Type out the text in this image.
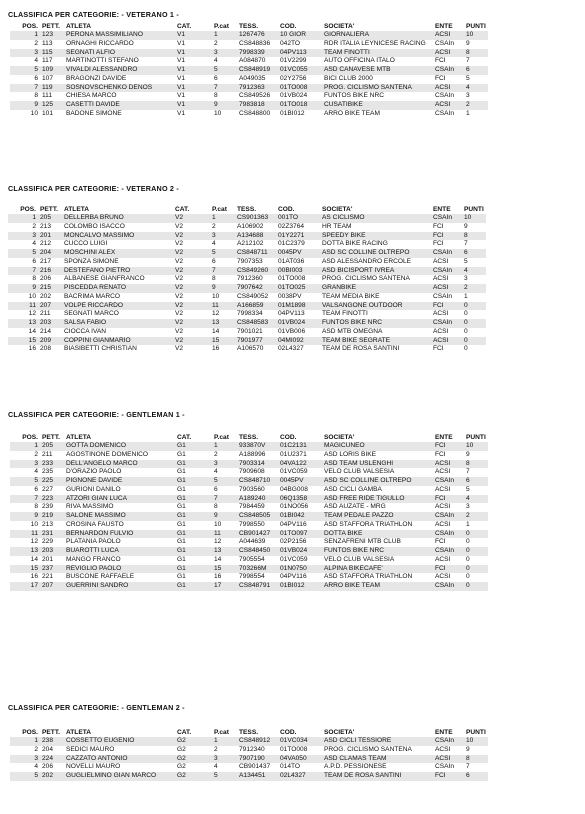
CLASSIFICA PER CATEGORIE: - VETERANO 1 -
POS.	PETT.	ATLETA	CAT.	P.cat	TESS.	COD.	SOCIETA'	ENTE	PUNTI
1	123	PERONA MASSIMILIANO	V1	1	1267476	10 GIOR	GIORNALIERA	ACSI	10
2	113	ORNAGHI RICCARDO	V1	2	CS848836	042TO	RDR ITALIA LEYNICESE RACING	CSAIn	9
3	115	SEGNATI ALFIO	V1	3	7998339	04PV113	TEAM FINOTTI	ACSI	8
4	117	MARTINOTTI STEFANO	V1	4	A084870	01V2299	AUTO OFFICINA ITALO	FCI	7
5	109	VIVALDI ALESSANDRO	V1	5	CS848919	01VC055	ASD CANAVESE MTB	CSAIn	6
6	107	BRAGONZI DAVIDE	V1	6	A049035	02Y2756	BICI CLUB 2000	FCI	5
7	119	SOSNOVSCHENKO DENOS	V1	7	7912363	01TO008	PROG. CICLISMO SANTENA	ACSI	4
8	111	CHIESA MARCO	V1	8	CS849526	01VB024	FUNTOS BIKE NRC	CSAIn	3
9	125	CASETTI DAVIDE	V1	9	7983818	01TO018	CUSATIBIKE	ACSI	2
10	101	BADONE SIMONE	V1	10	CS848800	01BI012	ARRO BIKE TEAM	CSAIn	1
CLASSIFICA PER CATEGORIE: - VETERANO 2 -
POS.	PETT.	ATLETA	CAT.	P.cat	TESS.	COD.	SOCIETA'	ENTE	PUNTI
1	205	DELLERBA BRUNO	V2	1	CS901363	001TO	AS CICLISMO	CSAIn	10
2	213	COLOMBO ISACCO	V2	2	A106902	02Z3764	HR TEAM	FCI	9
3	201	MONCALVO MASSIMO	V2	3	A134688	01Y2271	SPEEDY BIKE	FCI	8
4	212	CUCCO LUIGI	V2	4	A212102	01C2379	DOTTA BIKE RACING	FCI	7
5	204	MOSCHINI ALEX	V2	5	CS848711	0045PV	ASD SC COLLINE OLTREPO	CSAIn	6
6	217	SPONZA SIMONE	V2	6	7907353	01AT036	ASD ALESSANDRO ERCOLE	ACSI	5
7	216	DESTEFANO PIETRO	V2	7	CS849260	00BI003	ASD BICISPORT IVREA	CSAIn	4
8	206	ALBANESE GIANFRANCO	V2	8	7912360	01TO008	PROG. CICLISMO SANTENA	ACSI	3
9	215	PISCEDDA RENATO	V2	9	7907642	01TO025	GRANBIKE	ACSI	2
10	202	BACRIMA MARCO	V2	10	CS849052	0038PV	TEAM MEDIA BIKE	CSAIn	1
11	207	VOLPE RICCARDO	V2	11	A166859	01M1898	VALSANGONE OUTDOOR	FCI	0
12	211	SEGNATI MARCO	V2	12	7998334	04PV113	TEAM FINOTTI	ACSI	0
13	203	SALSA FABIO	V2	13	CS848583	01VB024	FUNTOS BIKE NRC	CSAIn	0
14	214	CIOCCA IVAN	V2	14	7901021	01VB006	ASD MTB OMEGNA	ACSI	0
15	209	COPPINI GIANMARIO	V2	15	7901977	04MI092	TEAM BIKE SEGRATE	ACSI	0
16	208	BIASIBETTI CHRISTIAN	V2	16	A106570	02L4327	TEAM DE ROSA SANTINI	FCI	0
CLASSIFICA PER CATEGORIE: - GENTLEMAN 1 -
POS.	PETT.	ATLETA	CAT.	P.cat	TESS.	COD.	SOCIETA'	ENTE	PUNTI
1	205	GOTTA DOMENICO	G1	1	933870V	01C2131	MAGICUNEO	FCI	10
2	211	AGOSTINONE DOMENICO	G1	2	A188996	01U2371	ASD LORIS BIKE	FCI	9
3	233	DELL'ANGELO MARCO	G1	3	7903314	04VA122	ASD TEAM USLENGHI	ACSI	8
4	235	D'ORAZIO PAOLO	G1	4	7909608	01VC059	VELO CLUB VALSESIA	ACSI	7
5	225	PIGNONE DAVIDE	G1	5	CS848710	0045PV	ASD SC COLLINE OLTREPO	CSAIn	6
6	227	GURIONI DANILO	G1	6	7903560	04BG008	ASD CICLI GAMBA	ACSI	5
7	223	ATZORI GIAN LUCA	G1	7	A189240	06Q1358	ASD FREE RIDE TIGULLO	FCI	4
8	239	RIVA MASSIMO	G1	8	7984459	01NO056	ASD AUZATE - MRG	ACSI	3
9	219	SALONE MASSIMO	G1	9	CS848505	01BI042	TEAM PEDALE PAZZO	CSAIn	2
10	213	CROSINA FAUSTO	G1	10	7998550	04PV116	ASD STAFFORA TRIATHLON	ACSI	1
11	231	BERNARDON FULVIO	G1	11	CB901427	01TO097	DOTTA BIKE	CSAIn	0
12	229	PLATANIA PAOLO	G1	12	A044639	02P2156	SENZAFRENI MTB CLUB	FCI	0
13	203	BUAROTTI LUCA	G1	13	CS848450	01VB024	FUNTOS BIKE NRC	CSAIn	0
14	201	MANGO FRANCO	G1	14	7905554	01VC059	VELO CLUB VALSESIA	ACSI	0
15	237	REVIGLIO PAOLO	G1	15	703266M	01N0750	ALPINA BIKECAFE'	FCI	0
16	221	BUSCONE RAFFAELE	G1	16	7998554	04PV116	ASD STAFFORA TRIATHLON	ACSI	0
17	207	GUERRINI SANDRO	G1	17	CS848791	01BI012	ARRO BIKE TEAM	CSAIn	0
CLASSIFICA PER CATEGORIE: - GENTLEMAN 2 -
POS.	PETT.	ATLETA	CAT.	P.cat	TESS.	COD.	SOCIETA'	ENTE	PUNTI
1	238	COSSETTO EUGENIO	G2	1	CS848912	01VC034	ASD CICLI TESSIORE	CSAIn	10
2	204	SEDICI MAURO	G2	2	7912340	01TO008	PROG. CICLISMO SANTENA	ACSI	9
3	224	CAZZATO ANTONIO	G2	3	7907190	04VA050	ASD CLAMAS TEAM	ACSI	8
4	206	NOVELLI MAURO	G2	4	CB901437	014TO	A.P.D. PESSIONESE	CSAIn	7
5	202	GUGLIELMINO GIAN MARCO	G2	5	A134451	02L4327	TEAM DE ROSA SANTINI	FCI	6
